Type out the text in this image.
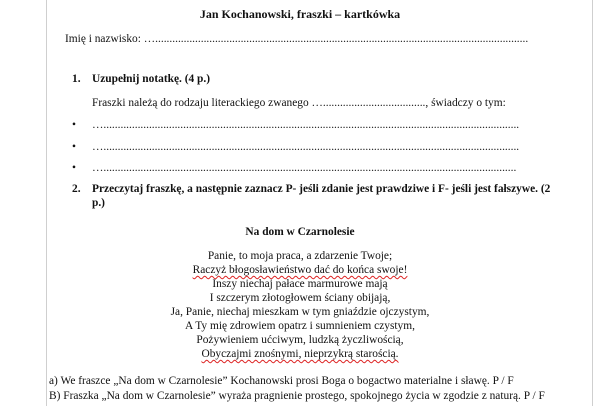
Jan Kochanowski, fraszki – kartkówka
Imię i nazwisko: …...................................................................................................................................
1. Uzupełnij notatkę. (4 p.)
Fraszki należą do rodzaju literackiego zwanego …...................................., świadczy o tym:
• …..................................................................................................................................................
• …..................................................................................................................................................
• ….................................................................................................................................................
2. Przeczytaj fraszkę, a następnie zaznacz P- jeśli zdanie jest prawdziwe i F- jeśli jest fałszywe. (2
p.)
Na dom w Czarnolesie
Panie, to moja praca, a zdarzenie Twoje;
Raczyż błogosławieństwo dać do końca swoje!
Inszy niechaj pałace marmurowe mają
I szczerym złotogłowem ściany obijają,
Ja, Panie, niechaj mieszkam w tym gniaździe ojczystym,
A Ty mię zdrowiem opatrz i sumnieniem czystym,
Pożywieniem ućciwym, ludzką życzliwością,
Obyczajmi znośnymi, nieprzykrą starością.
a) We fraszce „Na dom w Czarnolesie” Kochanowski prosi Boga o bogactwo materialne i sławę. P / F
B) Fraszka „Na dom w Czarnolesie” wyraża pragnienie prostego, spokojnego życia w zgodzie z naturą. P / F
